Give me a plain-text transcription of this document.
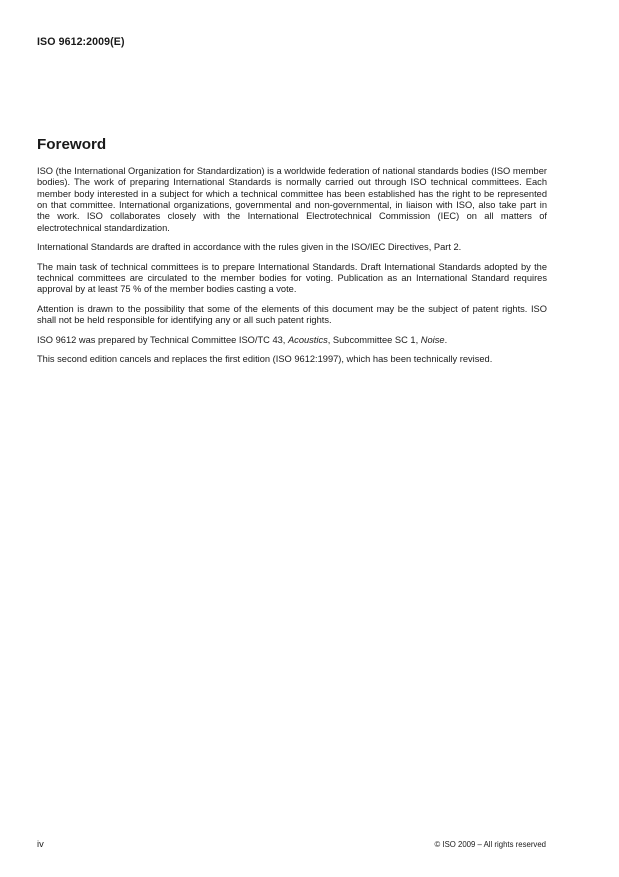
ISO 9612:2009(E)
Foreword

ISO (the International Organization for Standardization) is a worldwide federation of national standards bodies (ISO member bodies). The work of preparing International Standards is normally carried out through ISO technical committees. Each member body interested in a subject for which a technical committee has been established has the right to be represented on that committee. International organizations, governmental and non-governmental, in liaison with ISO, also take part in the work. ISO collaborates closely with the International Electrotechnical Commission (IEC) on all matters of electrotechnical standardization.

International Standards are drafted in accordance with the rules given in the ISO/IEC Directives, Part 2.

The main task of technical committees is to prepare International Standards. Draft International Standards adopted by the technical committees are circulated to the member bodies for voting. Publication as an International Standard requires approval by at least 75 % of the member bodies casting a vote.

Attention is drawn to the possibility that some of the elements of this document may be the subject of patent rights. ISO shall not be held responsible for identifying any or all such patent rights.

ISO 9612 was prepared by Technical Committee ISO/TC 43, Acoustics, Subcommittee SC 1, Noise.

This second edition cancels and replaces the first edition (ISO 9612:1997), which has been technically revised.

iv	© ISO 2009 – All rights reserved
